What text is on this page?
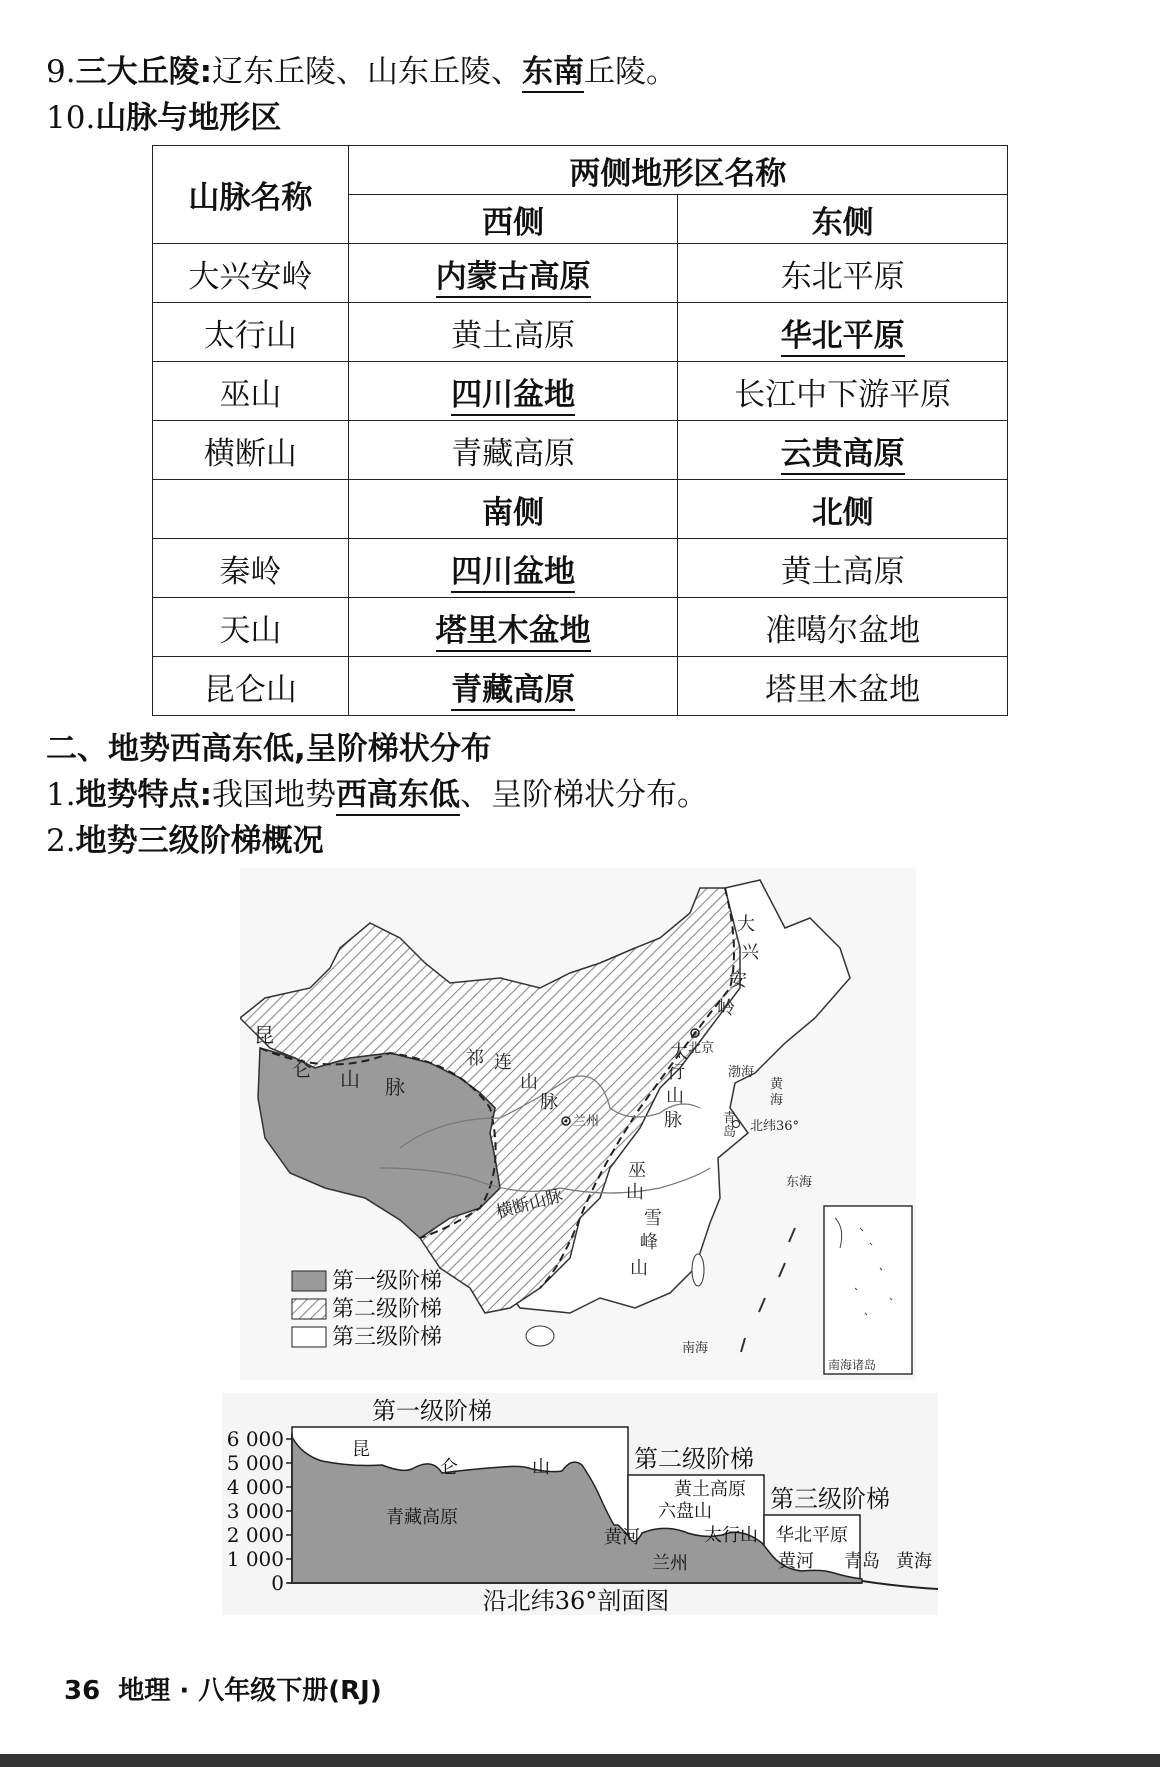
9.三大丘陵:辽东丘陵、山东丘陵、东南丘陵。
10.山脉与地形区
山脉名称	两侧地形区名称	
	西侧	东侧
大兴安岭	内蒙古高原	东北平原
太行山	黄土高原	华北平原
巫山	四川盆地	长江中下游平原
横断山	青藏高原	云贵高原
	南侧	北侧
秦岭	四川盆地	黄土高原
天山	塔里木盆地	准噶尔盆地
昆仑山	青藏高原	塔里木盆地
二、地势西高东低,呈阶梯状分布
1.地势特点:我国地势西高东低、呈阶梯状分布。
2.地势三级阶梯概况
大
兴
安
岭
太
行
山
脉
巫
山
雪
峰
山
祁 连
山
脉
昆
仑 山 脉
横断山脉
北京
兰州
渤海
黄
海
青
岛 北纬36°
东海
南海
南海诸岛
第一级阶梯
第二级阶梯
第三级阶梯
6 000
5 000
4 000
3 000
2 000
1 000
0
第一级阶梯
第二级阶梯
第三级阶梯
昆
仑	山
青藏高原
黄土高原
六盘山
黄河
兰州
太行山 华北平原
黄河 青岛 黄海
沿北纬36°剖面图
36 地理 · 八年级下册(RJ)
